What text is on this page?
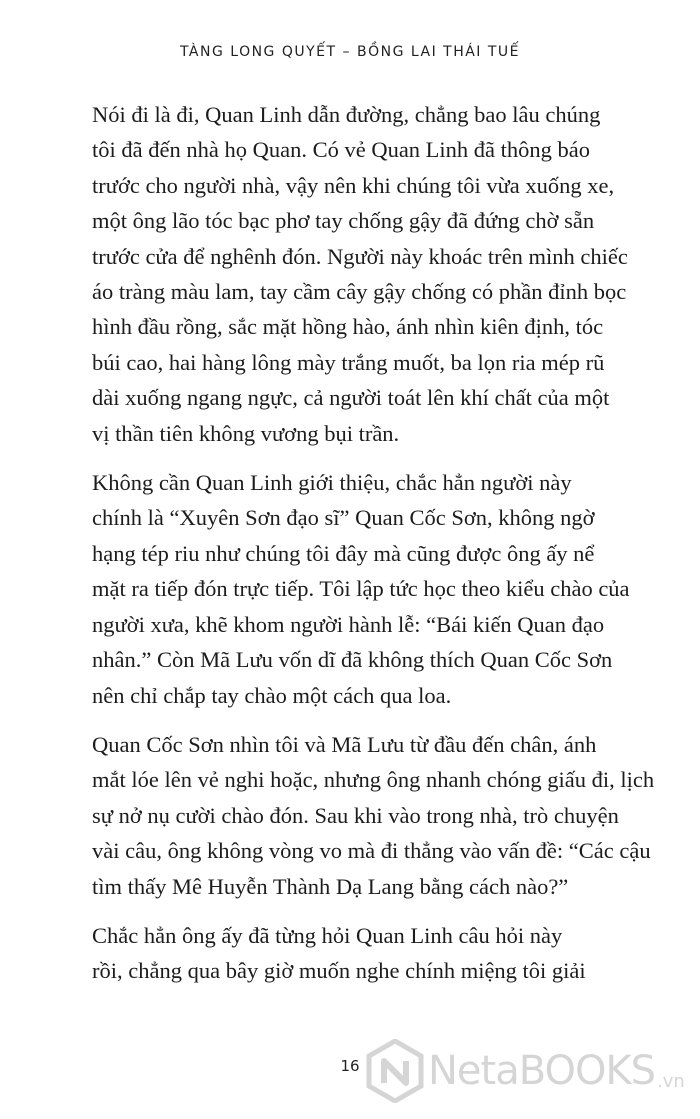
TÀNG LONG QUYẾT – BỒNG LAI THÁI TUẾ

Nói đi là đi, Quan Linh dẫn đường, chẳng bao lâu chúng
tôi đã đến nhà họ Quan. Có vẻ Quan Linh đã thông báo
trước cho người nhà, vậy nên khi chúng tôi vừa xuống xe,
một ông lão tóc bạc phơ tay chống gậy đã đứng chờ sẵn
trước cửa để nghênh đón. Người này khoác trên mình chiếc
áo tràng màu lam, tay cầm cây gậy chống có phần đỉnh bọc
hình đầu rồng, sắc mặt hồng hào, ánh nhìn kiên định, tóc
búi cao, hai hàng lông mày trắng muốt, ba lọn ria mép rũ
dài xuống ngang ngực, cả người toát lên khí chất của một
vị thần tiên không vương bụi trần.

Không cần Quan Linh giới thiệu, chắc hẳn người này
chính là “Xuyên Sơn đạo sĩ” Quan Cốc Sơn, không ngờ
hạng tép riu như chúng tôi đây mà cũng được ông ấy nể
mặt ra tiếp đón trực tiếp. Tôi lập tức học theo kiểu chào của
người xưa, khẽ khom người hành lễ: “Bái kiến Quan đạo
nhân.” Còn Mã Lưu vốn dĩ đã không thích Quan Cốc Sơn
nên chỉ chắp tay chào một cách qua loa.

Quan Cốc Sơn nhìn tôi và Mã Lưu từ đầu đến chân, ánh
mắt lóe lên vẻ nghi hoặc, nhưng ông nhanh chóng giấu đi, lịch
sự nở nụ cười chào đón. Sau khi vào trong nhà, trò chuyện
vài câu, ông không vòng vo mà đi thẳng vào vấn đề: “Các cậu
tìm thấy Mê Huyễn Thành Dạ Lang bằng cách nào?”

Chắc hẳn ông ấy đã từng hỏi Quan Linh câu hỏi này
rồi, chẳng qua bây giờ muốn nghe chính miệng tôi giải

16	NetaBOOKS .vn
